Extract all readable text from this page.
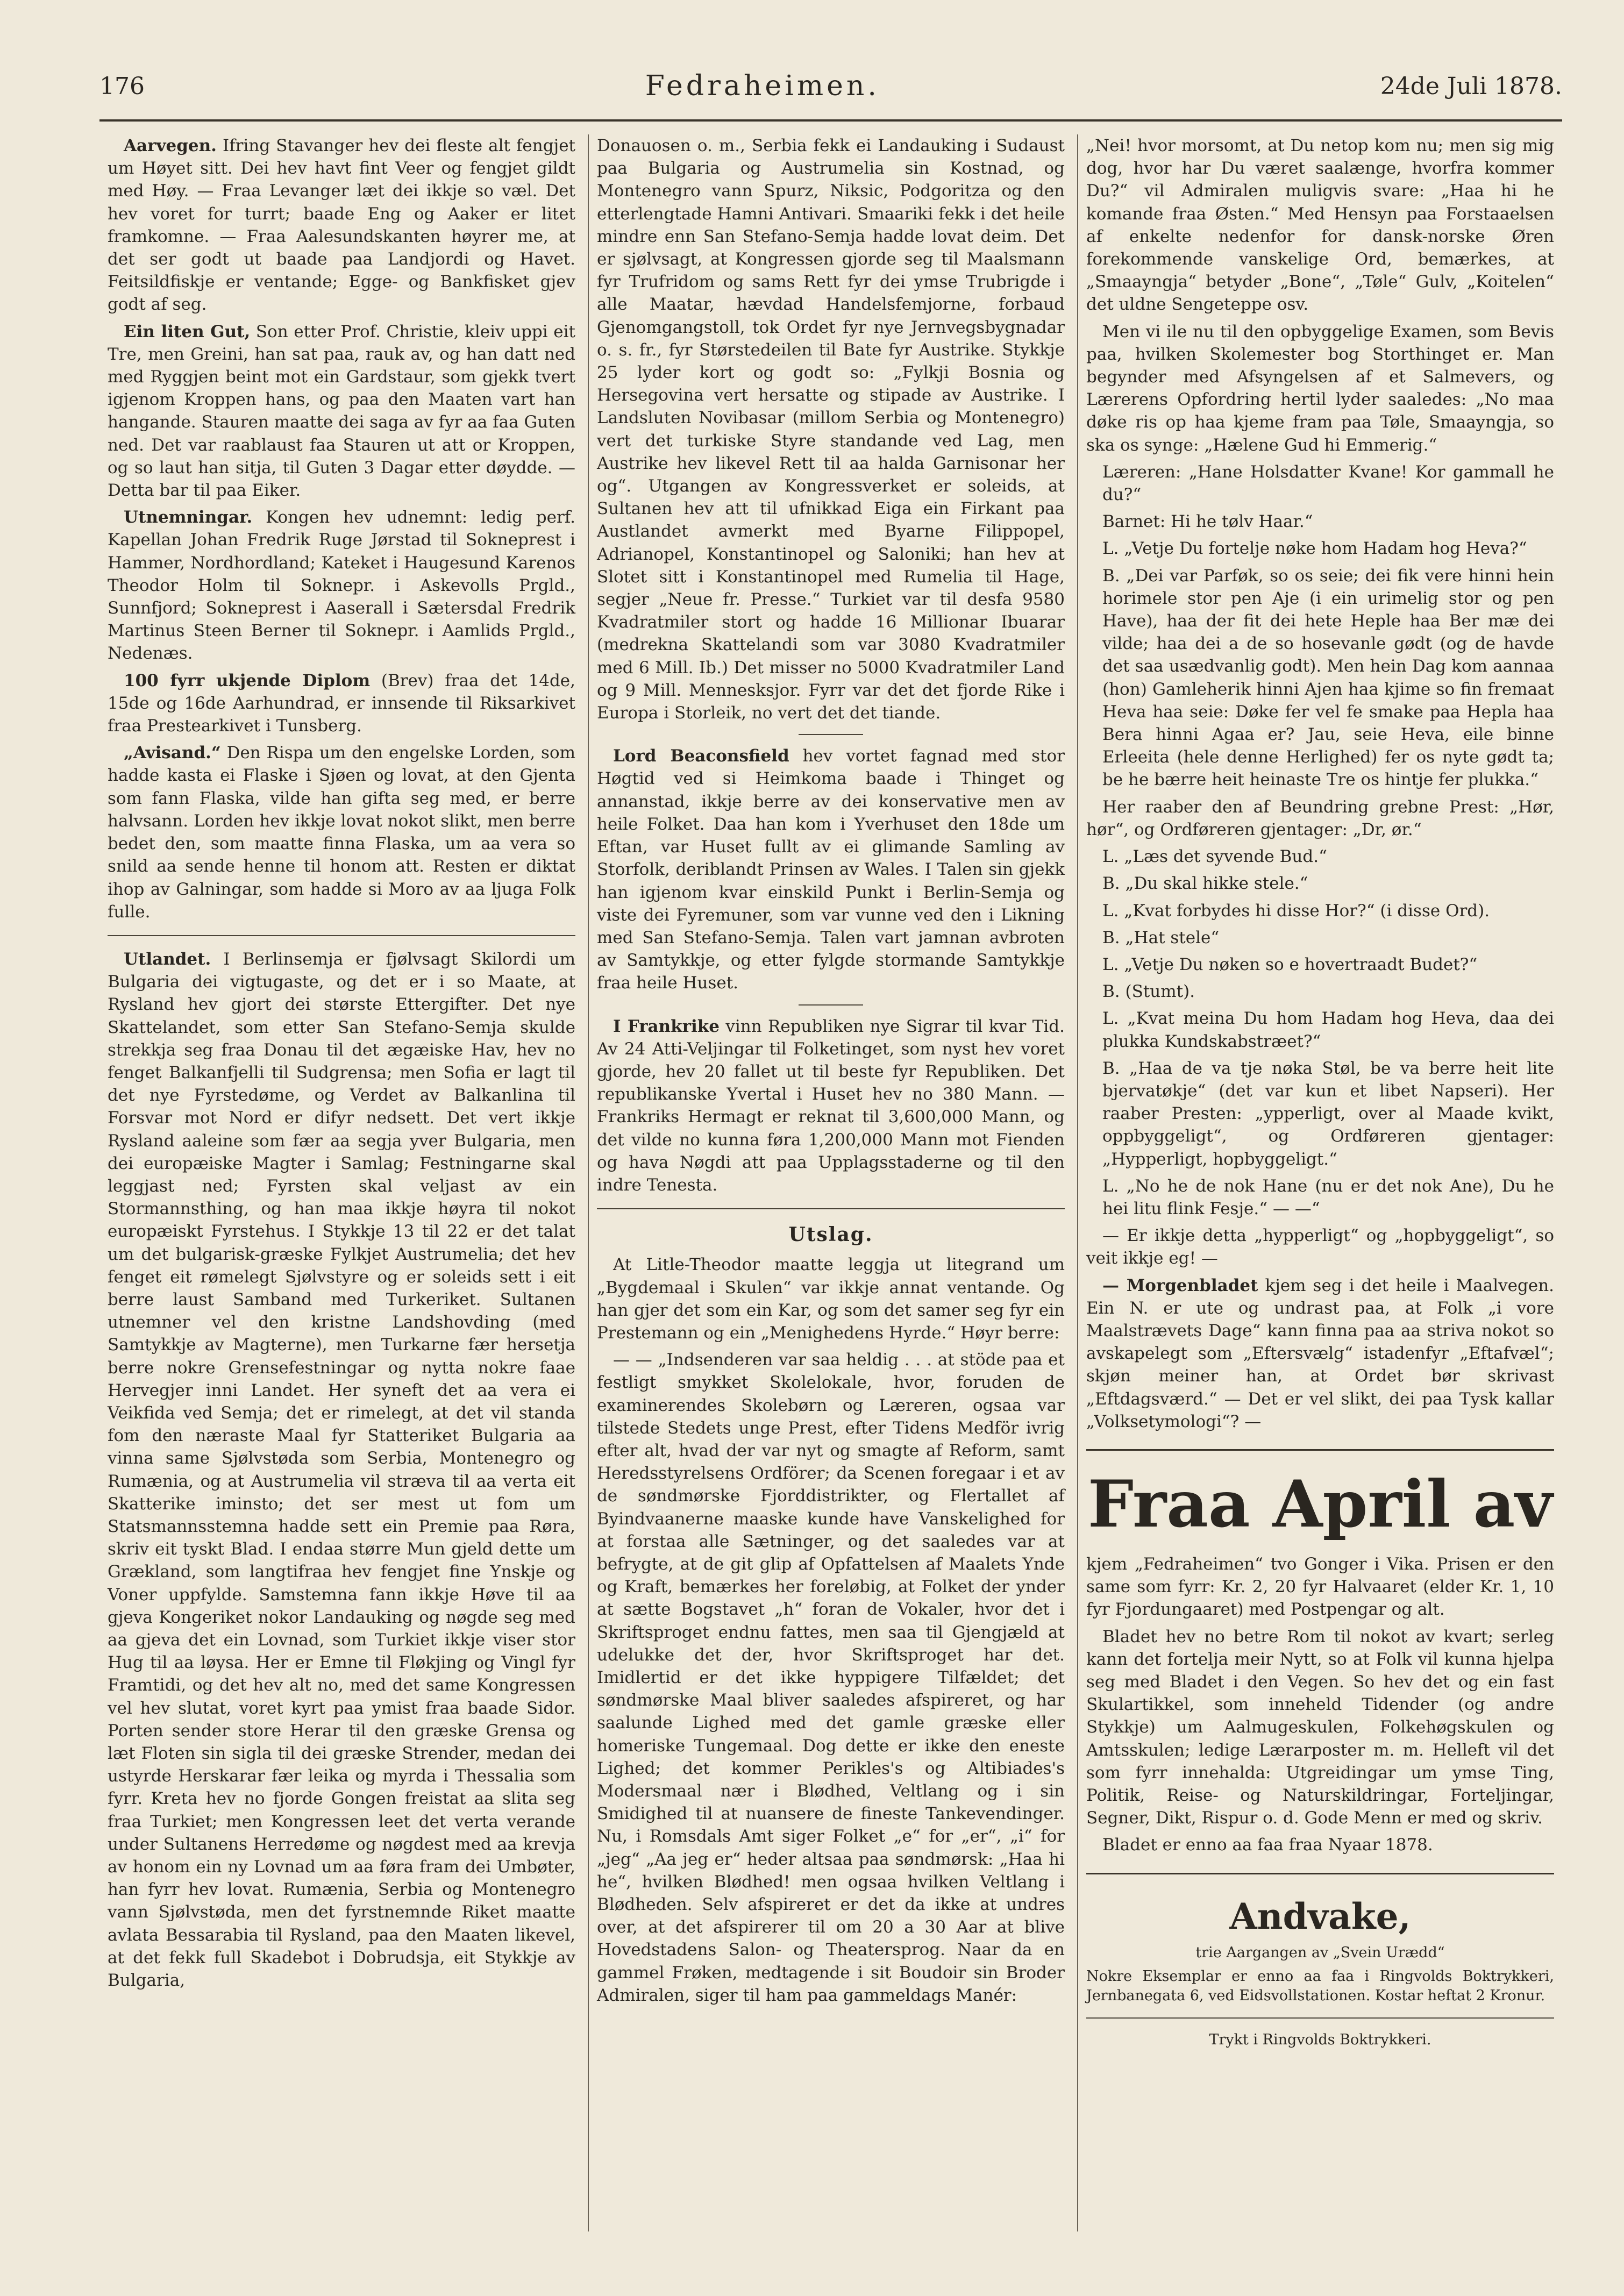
176	Fedraheimen.	24de Juli 1878.

Aarvegen. Ifring Stavanger hev dei fleste alt fengjet um Høyet sitt. Dei hev havt fint Veer og fengjet gildt med Høy. — Fraa Levanger læt dei ikkje so væl. Det hev voret for turrt; baade Eng og Aaker er litet framkomne. — Fraa Aalesundskanten høyrer me, at det ser godt ut baade paa Landjordi og Havet. Feitsildfiskje er ventande; Egge- og Bankfisket gjev godt af seg.

Ein liten Gut, Son etter Prof. Christie, kleiv uppi eit Tre, men Greini, han sat paa, rauk av, og han datt ned med Ryggjen beint mot ein Gardstaur, som gjekk tvert igjenom Kroppen hans, og paa den Maaten vart han hangande. Stauren maatte dei saga av fyr aa faa Guten ned. Det var raablaust faa Stauren ut att or Kroppen, og so laut han sitja, til Guten 3 Dagar etter døydde. — Detta bar til paa Eiker.

Utnemningar. Kongen hev udnemnt: ledig perf. Kapellan Johan Fredrik Ruge Jørstad til Sokneprest i Hammer, Nordhordland; Kateket i Haugesund Karenos Theodor Holm til Soknepr. i Askevolls Prgld., Sunnfjord; Sokneprest i Aaserall i Sætersdal Fredrik Martinus Steen Berner til Soknepr. i Aamlids Prgld., Nedenæs.

100 fyrr ukjende Diplom (Brev) fraa det 14de, 15de og 16de Aarhundrad, er innsende til Riksarkivet fraa Prestearkivet i Tunsberg.

„Avisand.“ Den Rispa um den engelske Lorden, som hadde kasta ei Flaske i Sjøen og lovat, at den Gjenta som fann Flaska, vilde han gifta seg med, er berre halvsann. Lorden hev ikkje lovat nokot slikt, men berre bedet den, som maatte finna Flaska, um aa vera so snild aa sende henne til honom att. Resten er diktat ihop av Galningar, som hadde si Moro av aa ljuga Folk fulle.

Utlandet. I Berlinsemja er fjølvsagt Skilordi um Bulgaria dei vigtugaste, og det er i so Maate, at Rysland hev gjort dei største Ettergifter. Det nye Skattelandet, som etter San Stefano-Semja skulde strekkja seg fraa Donau til det ægæiske Hav, hev no fenget Balkanfjelli til Sudgrensa; men Sofia er lagt til det nye Fyrstedøme, og Verdet av Balkanlina til Forsvar mot Nord er difyr nedsett. Det vert ikkje Rysland aaleine som fær aa segja yver Bulgaria, men dei europæiske Magter i Samlag; Festningarne skal leggjast ned; Fyrsten skal veljast av ein Stormannsthing, og han maa ikkje høyra til nokot europæiskt Fyrstehus. I Stykkje 13 til 22 er det talat um det bulgarisk-græske Fylkjet Austrumelia; det hev fenget eit rømelegt Sjølvstyre og er soleids sett i eit berre laust Samband med Turkeriket. Sultanen utnemner vel den kristne Landshovding (med Samtykkje av Magterne), men Turkarne fær hersetja berre nokre Grensefestningar og nytta nokre faae Hervegjer inni Landet. Her syneft det aa vera ei Veikfida ved Semja; det er rimelegt, at det vil standa fom den næraste Maal fyr Statteriket Bulgaria aa vinna same Sjølvstøda som Serbia, Montenegro og Rumænia, og at Austrumelia vil stræva til aa verta eit Skatterike iminsto; det ser mest ut fom um Statsmannsstemna hadde sett ein Premie paa Røra, skriv eit tyskt Blad. I endaa større Mun gjeld dette um Grækland, som langtifraa hev fengjet fine Ynskje og Voner uppfylde. Samstemna fann ikkje Høve til aa gjeva Kongeriket nokor Landauking og nøgde seg med aa gjeva det ein Lovnad, som Turkiet ikkje viser stor Hug til aa løysa. Her er Emne til Fløkjing og Vingl fyr Framtidi, og det hev alt no, med det same Kongressen vel hev slutat, voret kyrt paa ymist fraa baade Sidor. Porten sender store Herar til den græske Grensa og læt Floten sin sigla til dei græske Strender, medan dei ustyrde Herskarar fær leika og myrda i Thessalia som fyrr. Kreta hev no fjorde Gongen freistat aa slita seg fraa Turkiet; men Kongressen leet det verta verande under Sultanens Herredøme og nøgdest med aa krevja av honom ein ny Lovnad um aa føra fram dei Umbøter, han fyrr hev lovat. Rumænia, Serbia og Montenegro vann Sjølvstøda, men det fyrstnemnde Riket maatte avlata Bessarabia til Rysland, paa den Maaten likevel, at det fekk full Skadebot i Dobrudsja, eit Stykkje av Bulgaria,

Donauosen o. m., Serbia fekk ei Landauking i Sudaust paa Bulgaria og Austrumelia sin Kostnad, og Montenegro vann Spurz, Niksic, Podgoritza og den etterlengtade Hamni Antivari. Smaariki fekk i det heile mindre enn San Stefano-Semja hadde lovat deim. Det er sjølvsagt, at Kongressen gjorde seg til Maalsmann fyr Trufridom og sams Rett fyr dei ymse Trubrigde i alle Maatar, hævdad Handelsfemjorne, forbaud Gjenomgangstoll, tok Ordet fyr nye Jernvegsbygnadar o. s. fr., fyr Størstedeilen til Bate fyr Austrike. Stykkje 25 lyder kort og godt so: „Fylkji Bosnia og Hersegovina vert hersatte og stipade av Austrike. I Landsluten Novibasar (millom Serbia og Montenegro) vert det turkiske Styre standande ved Lag, men Austrike hev likevel Rett til aa halda Garnisonar her og“. Utgangen av Kongressverket er soleids, at Sultanen hev att til ufnikkad Eiga ein Firkant paa Austlandet avmerkt med Byarne Filippopel, Adrianopel, Konstantinopel og Saloniki; han hev at Slotet sitt i Konstantinopel med Rumelia til Hage, segjer „Neue fr. Presse.“ Turkiet var til desfa 9580 Kvadratmiler stort og hadde 16 Millionar Ibuarar (medrekna Skattelandi som var 3080 Kvadratmiler med 6 Mill. Ib.) Det misser no 5000 Kvadratmiler Land og 9 Mill. Mennesksjor. Fyrr var det det fjorde Rike i Europa i Storleik, no vert det det tiande.

Lord Beaconsfield hev vortet fagnad med stor Høgtid ved si Heimkoma baade i Thinget og annanstad, ikkje berre av dei konservative men av heile Folket. Daa han kom i Yverhuset den 18de um Eftan, var Huset fullt av ei glimande Samling av Storfolk, deriblandt Prinsen av Wales. I Talen sin gjekk han igjenom kvar einskild Punkt i Berlin-Semja og viste dei Fyremuner, som var vunne ved den i Likning med San Stefano-Semja. Talen vart jamnan avbroten av Samtykkje, og etter fylgde stormande Samtykkje fraa heile Huset.

I Frankrike vinn Republiken nye Sigrar til kvar Tid. Av 24 Atti-Veljingar til Folketinget, som nyst hev voret gjorde, hev 20 fallet ut til beste fyr Republiken. Det republikanske Yvertal i Huset hev no 380 Mann. — Frankriks Hermagt er reknat til 3,600,000 Mann, og det vilde no kunna føra 1,200,000 Mann mot Fienden og hava Nøgdi att paa Upplagsstaderne og til den indre Tenesta.

Utslag.

At Litle-Theodor maatte leggja ut litegrand um „Bygdemaal i Skulen“ var ikkje annat ventande. Og han gjer det som ein Kar, og som det samer seg fyr ein Prestemann og ein „Menighedens Hyrde.“ Høyr berre:

— — „Indsenderen var saa heldig . . . at stöde paa et festligt smykket Skolelokale, hvor, foruden de examinerendes Skolebørn og Læreren, ogsaa var tilstede Stedets unge Prest, efter Tidens Medför ivrig efter alt, hvad der var nyt og smagte af Reform, samt Heredsstyrelsens Ordförer; da Scenen foregaar i et av de søndmørske Fjorddistrikter, og Flertallet af Byindvaanerne maaske kunde have Vanskelighed for at forstaa alle Sætninger, og det saaledes var at befrygte, at de git glip af Opfattelsen af Maalets Ynde og Kraft, bemærkes her foreløbig, at Folket der ynder at sætte Bogstavet „h“ foran de Vokaler, hvor det i Skriftsproget endnu fattes, men saa til Gjengjæld at udelukke det der, hvor Skriftsproget har det. Imidlertid er det ikke hyppigere Tilfældet; det søndmørske Maal bliver saaledes afspireret, og har saalunde Lighed med det gamle græske eller homeriske Tungemaal. Dog dette er ikke den eneste Lighed; det kommer Perikles's og Altibiades's Modersmaal nær i Blødhed, Veltlang og i sin Smidighed til at nuansere de fineste Tankevendinger. Nu, i Romsdals Amt siger Folket „e“ for „er“, „i“ for „jeg“ „Aa jeg er“ heder altsaa paa søndmørsk: „Haa hi he“, hvilken Blødhed! men ogsaa hvilken Veltlang i Blødheden. Selv afspireret er det da ikke at undres over, at det afspirerer til om 20 a 30 Aar at blive Hovedstadens Salon- og Theatersprog. Naar da en gammel Frøken, medtagende i sit Boudoir sin Broder Admiralen, siger til ham paa gammeldags Manér:

„Nei! hvor morsomt, at Du netop kom nu; men sig mig dog, hvor har Du været saalænge, hvorfra kommer Du?“ vil Admiralen muligvis svare: „Haa hi he komande fraa Østen.“ Med Hensyn paa Forstaaelsen af enkelte nedenfor for dansk-norske Øren forekommende vanskelige Ord, bemærkes, at „Smaayngja“ betyder „Bone“, „Tøle“ Gulv, „Koitelen“ det uldne Sengeteppe osv.

Men vi ile nu til den opbyggelige Examen, som Bevis paa, hvilken Skolemester bog Storthinget er. Man begynder med Afsyngelsen af et Salmevers, og Lærerens Opfordring hertil lyder saaledes: „No maa døke ris op haa kjeme fram paa Tøle, Smaayngja, so ska os synge: „Hælene Gud hi Emmerig.“

Læreren: „Hane Holsdatter Kvane! Kor gammall he du?“

Barnet: Hi he tølv Haar.“

L. „Vetje Du fortelje nøke hom Hadam hog Heva?“

B. „Dei var Parføk, so os seie; dei fik vere hinni hein horimele stor pen Aje (i ein urimelig stor og pen Have), haa der fit dei hete Heple haa Ber mæ dei vilde; haa dei a de so hosevanle gødt (og de havde det saa usædvanlig godt). Men hein Dag kom aannaa (hon) Gamleherik hinni Ajen haa kjime so fin fremaat Heva haa seie: Døke fer vel fe smake paa Hepla haa Bera hinni Agaa er? Jau, seie Heva, eile binne Erleeita (hele denne Herlighed) fer os nyte gødt ta; be he bærre heit heinaste Tre os hintje fer plukka.“

Her raaber den af Beundring grebne Prest: „Hør, hør“, og Ordføreren gjentager: „Dr, ør.“

L. „Læs det syvende Bud.“

B. „Du skal hikke stele.“

L. „Kvat forbydes hi disse Hor?“ (i disse Ord).

B. „Hat stele“

L. „Vetje Du nøken so e hovertraadt Budet?“

B. (Stumt).

L. „Kvat meina Du hom Hadam hog Heva, daa dei plukka Kundskabstræet?“

B. „Haa de va tje nøka Støl, be va berre heit lite bjervatøkje“ (det var kun et libet Napseri). Her raaber Presten: „ypperligt, over al Maade kvikt, oppbyggeligt“, og Ordføreren gjentager: „Hypperligt, hopbyggeligt.“

L. „No he de nok Hane (nu er det nok Ane), Du he hei litu flink Fesje.“ — —“

— Er ikkje detta „hypperligt“ og „hopbyggeligt“, so veit ikkje eg! —

— Morgenbladet kjem seg i det heile i Maalvegen. Ein N. er ute og undrast paa, at Folk „i vore Maalstrævets Dage“ kann finna paa aa striva nokot so avskapelegt som „Eftersvælg“ istadenfyr „Eftafvæl“; skjøn meiner han, at Ordet bør skrivast „Eftdagsværd.“ — Det er vel slikt, dei paa Tysk kallar „Volksetymologi“? —

Fraa April av

kjem „Fedraheimen“ tvo Gonger i Vika. Prisen er den same som fyrr: Kr. 2, 20 fyr Halvaaret (elder Kr. 1, 10 fyr Fjordungaaret) med Postpengar og alt.

Bladet hev no betre Rom til nokot av kvart; serleg kann det fortelja meir Nytt, so at Folk vil kunna hjelpa seg med Bladet i den Vegen. So hev det og ein fast Skulartikkel, som inneheld Tidender (og andre Stykkje) um Aalmugeskulen, Folkehøgskulen og Amtsskulen; ledige Lærarposter m. m. Helleft vil det som fyrr innehalda: Utgreidingar um ymse Ting, Politik, Reise- og Naturskildringar, Forteljingar, Segner, Dikt, Rispur o. d. Gode Menn er med og skriv.

Bladet er enno aa faa fraa Nyaar 1878.

Andvake,

trie Aargangen av „Svein Urædd“

Nokre Eksemplar er enno aa faa i Ringvolds Boktrykkeri, Jernbanegata 6, ved Eidsvollstationen. Kostar heftat 2 Kronur.

Trykt i Ringvolds Boktrykkeri.
